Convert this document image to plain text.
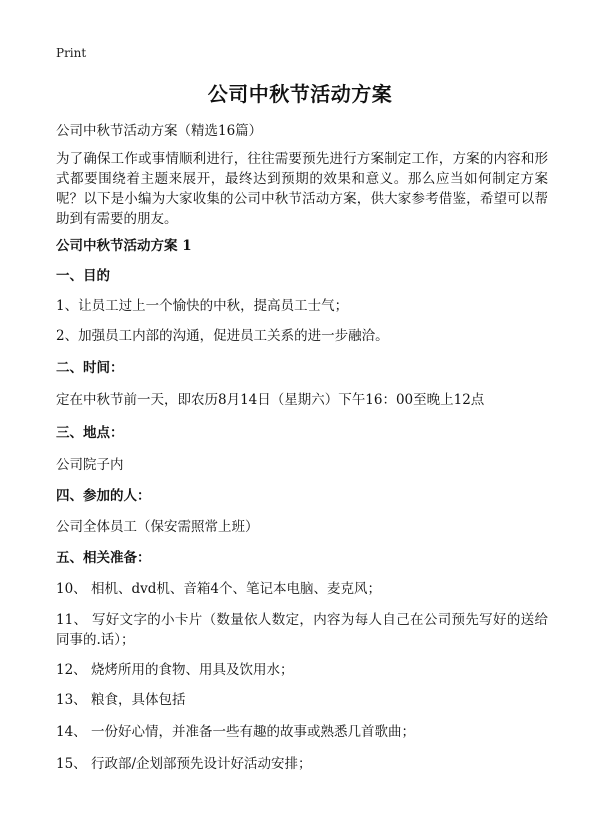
Print
公司中秋节活动方案
公司中秋节活动方案（精选16篇）
为了确保工作或事情顺利进行，往往需要预先进行方案制定工作，方案的内容和形式都要围绕着主题来展开，最终达到预期的效果和意义。那么应当如何制定方案呢？以下是小编为大家收集的公司中秋节活动方案，供大家参考借鉴，希望可以帮助到有需要的朋友。
公司中秋节活动方案 1
一、目的
1、让员工过上一个愉快的中秋，提高员工士气；
2、加强员工内部的沟通，促进员工关系的进一步融洽。
二、时间：
定在中秋节前一天，即农历8月14日（星期六）下午16：00至晚上12点
三、地点：
公司院子内
四、参加的人：
公司全体员工（保安需照常上班）
五、相关准备：
10、 相机、dvd机、音箱4个、笔记本电脑、麦克风；
11、 写好文字的小卡片（数量依人数定，内容为每人自己在公司预先写好的送给同事的.话）；
12、 烧烤所用的食物、用具及饮用水；
13、 粮食，具体包括
14、 一份好心情，并准备一些有趣的故事或熟悉几首歌曲；
15、 行政部/企划部预先设计好活动安排；
